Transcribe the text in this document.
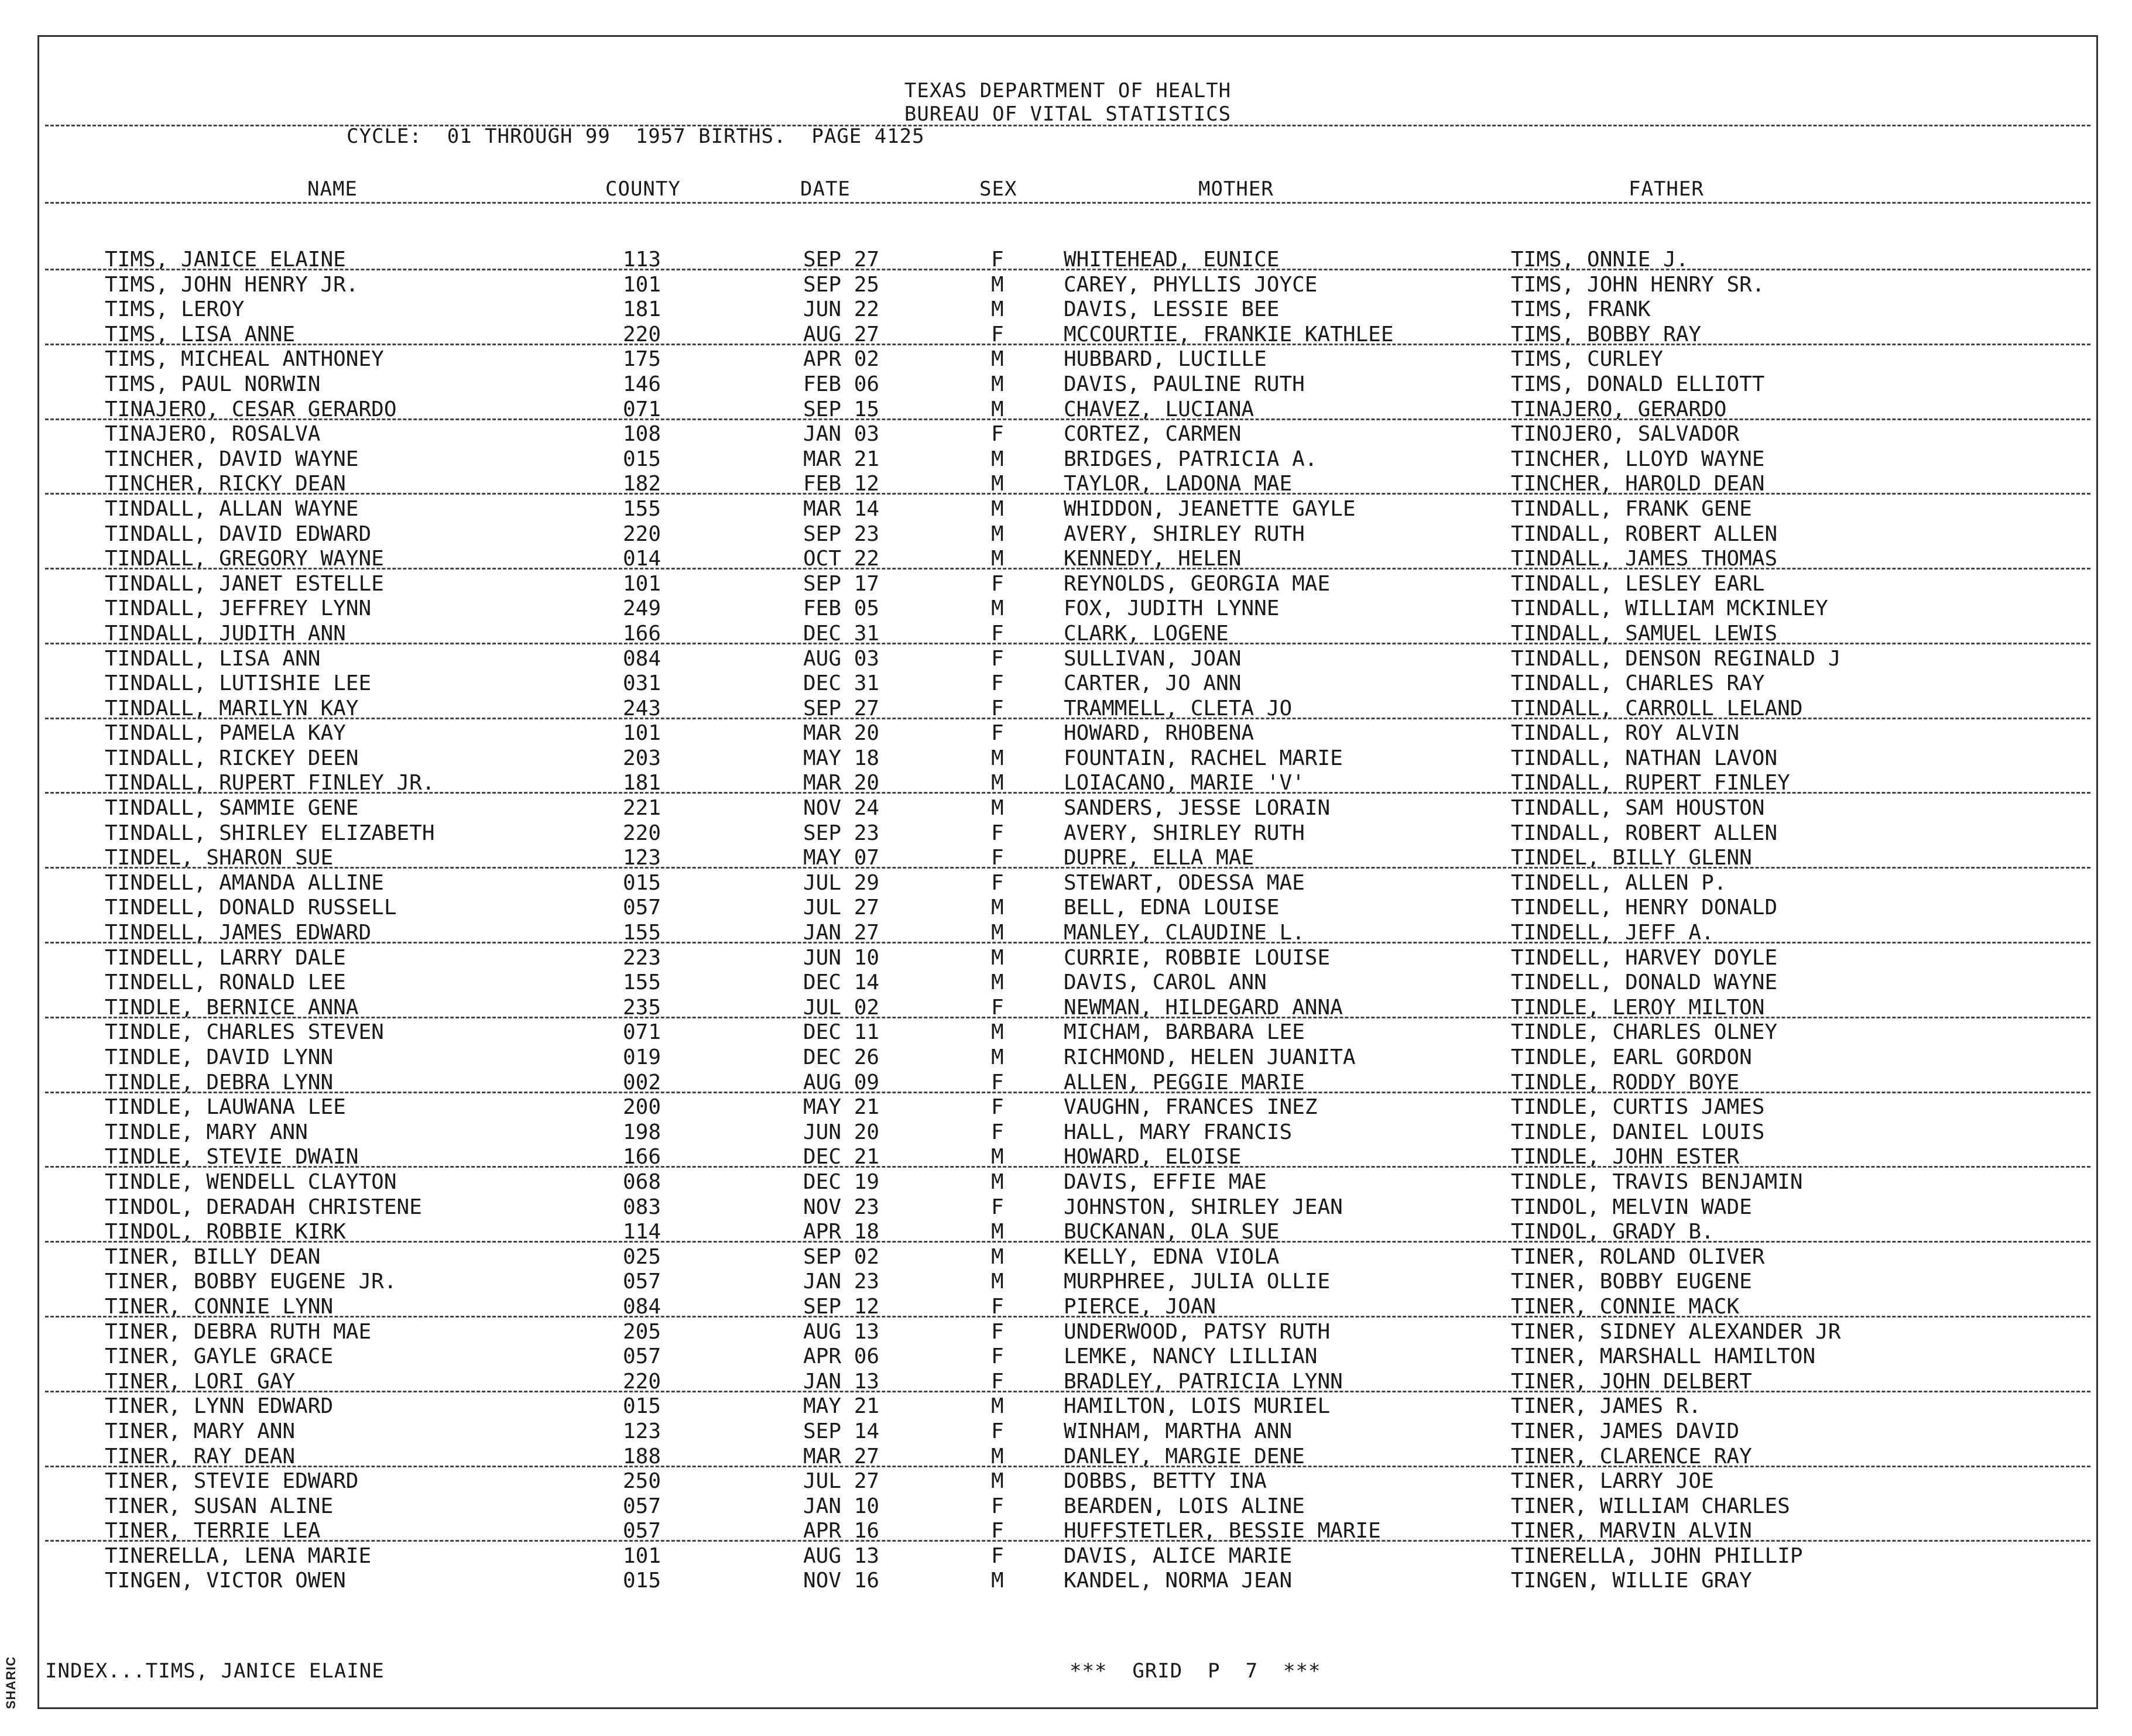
SHARIC
TEXAS DEPARTMENT OF HEALTH
BUREAU OF VITAL STATISTICS
CYCLE:  01 THROUGH 99  1957 BIRTHS.  PAGE 4125
NAME	COUNTY	DATE	SEX	MOTHER	FATHER
TIMS, JANICE ELAINE	113	SEP 27	F	WHITEHEAD, EUNICE	TIMS, ONNIE J.
TIMS, JOHN HENRY JR.	101	SEP 25	M	CAREY, PHYLLIS JOYCE	TIMS, JOHN HENRY SR.
TIMS, LEROY	181	JUN 22	M	DAVIS, LESSIE BEE	TIMS, FRANK
TIMS, LISA ANNE	220	AUG 27	F	MCCOURTIE, FRANKIE KATHLEE	TIMS, BOBBY RAY
TIMS, MICHEAL ANTHONEY	175	APR 02	M	HUBBARD, LUCILLE	TIMS, CURLEY
TIMS, PAUL NORWIN	146	FEB 06	M	DAVIS, PAULINE RUTH	TIMS, DONALD ELLIOTT
TINAJERO, CESAR GERARDO	071	SEP 15	M	CHAVEZ, LUCIANA	TINAJERO, GERARDO
TINAJERO, ROSALVA	108	JAN 03	F	CORTEZ, CARMEN	TINOJERO, SALVADOR
TINCHER, DAVID WAYNE	015	MAR 21	M	BRIDGES, PATRICIA A.	TINCHER, LLOYD WAYNE
TINCHER, RICKY DEAN	182	FEB 12	M	TAYLOR, LADONA MAE	TINCHER, HAROLD DEAN
TINDALL, ALLAN WAYNE	155	MAR 14	M	WHIDDON, JEANETTE GAYLE	TINDALL, FRANK GENE
TINDALL, DAVID EDWARD	220	SEP 23	M	AVERY, SHIRLEY RUTH	TINDALL, ROBERT ALLEN
TINDALL, GREGORY WAYNE	014	OCT 22	M	KENNEDY, HELEN	TINDALL, JAMES THOMAS
TINDALL, JANET ESTELLE	101	SEP 17	F	REYNOLDS, GEORGIA MAE	TINDALL, LESLEY EARL
TINDALL, JEFFREY LYNN	249	FEB 05	M	FOX, JUDITH LYNNE	TINDALL, WILLIAM MCKINLEY
TINDALL, JUDITH ANN	166	DEC 31	F	CLARK, LOGENE	TINDALL, SAMUEL LEWIS
TINDALL, LISA ANN	084	AUG 03	F	SULLIVAN, JOAN	TINDALL, DENSON REGINALD J
TINDALL, LUTISHIE LEE	031	DEC 31	F	CARTER, JO ANN	TINDALL, CHARLES RAY
TINDALL, MARILYN KAY	243	SEP 27	F	TRAMMELL, CLETA JO	TINDALL, CARROLL LELAND
TINDALL, PAMELA KAY	101	MAR 20	F	HOWARD, RHOBENA	TINDALL, ROY ALVIN
TINDALL, RICKEY DEEN	203	MAY 18	M	FOUNTAIN, RACHEL MARIE	TINDALL, NATHAN LAVON
TINDALL, RUPERT FINLEY JR.	181	MAR 20	M	LOIACANO, MARIE 'V'	TINDALL, RUPERT FINLEY
TINDALL, SAMMIE GENE	221	NOV 24	M	SANDERS, JESSE LORAIN	TINDALL, SAM HOUSTON
TINDALL, SHIRLEY ELIZABETH	220	SEP 23	F	AVERY, SHIRLEY RUTH	TINDALL, ROBERT ALLEN
TINDEL, SHARON SUE	123	MAY 07	F	DUPRE, ELLA MAE	TINDEL, BILLY GLENN
TINDELL, AMANDA ALLINE	015	JUL 29	F	STEWART, ODESSA MAE	TINDELL, ALLEN P.
TINDELL, DONALD RUSSELL	057	JUL 27	M	BELL, EDNA LOUISE	TINDELL, HENRY DONALD
TINDELL, JAMES EDWARD	155	JAN 27	M	MANLEY, CLAUDINE L.	TINDELL, JEFF A.
TINDELL, LARRY DALE	223	JUN 10	M	CURRIE, ROBBIE LOUISE	TINDELL, HARVEY DOYLE
TINDELL, RONALD LEE	155	DEC 14	M	DAVIS, CAROL ANN	TINDELL, DONALD WAYNE
TINDLE, BERNICE ANNA	235	JUL 02	F	NEWMAN, HILDEGARD ANNA	TINDLE, LEROY MILTON
TINDLE, CHARLES STEVEN	071	DEC 11	M	MICHAM, BARBARA LEE	TINDLE, CHARLES OLNEY
TINDLE, DAVID LYNN	019	DEC 26	M	RICHMOND, HELEN JUANITA	TINDLE, EARL GORDON
TINDLE, DEBRA LYNN	002	AUG 09	F	ALLEN, PEGGIE MARIE	TINDLE, RODDY BOYE
TINDLE, LAUWANA LEE	200	MAY 21	F	VAUGHN, FRANCES INEZ	TINDLE, CURTIS JAMES
TINDLE, MARY ANN	198	JUN 20	F	HALL, MARY FRANCIS	TINDLE, DANIEL LOUIS
TINDLE, STEVIE DWAIN	166	DEC 21	M	HOWARD, ELOISE	TINDLE, JOHN ESTER
TINDLE, WENDELL CLAYTON	068	DEC 19	M	DAVIS, EFFIE MAE	TINDLE, TRAVIS BENJAMIN
TINDOL, DERADAH CHRISTENE	083	NOV 23	F	JOHNSTON, SHIRLEY JEAN	TINDOL, MELVIN WADE
TINDOL, ROBBIE KIRK	114	APR 18	M	BUCKANAN, OLA SUE	TINDOL, GRADY B.
TINER, BILLY DEAN	025	SEP 02	M	KELLY, EDNA VIOLA	TINER, ROLAND OLIVER
TINER, BOBBY EUGENE JR.	057	JAN 23	M	MURPHREE, JULIA OLLIE	TINER, BOBBY EUGENE
TINER, CONNIE LYNN	084	SEP 12	F	PIERCE, JOAN	TINER, CONNIE MACK
TINER, DEBRA RUTH MAE	205	AUG 13	F	UNDERWOOD, PATSY RUTH	TINER, SIDNEY ALEXANDER JR
TINER, GAYLE GRACE	057	APR 06	F	LEMKE, NANCY LILLIAN	TINER, MARSHALL HAMILTON
TINER, LORI GAY	220	JAN 13	F	BRADLEY, PATRICIA LYNN	TINER, JOHN DELBERT
TINER, LYNN EDWARD	015	MAY 21	M	HAMILTON, LOIS MURIEL	TINER, JAMES R.
TINER, MARY ANN	123	SEP 14	F	WINHAM, MARTHA ANN	TINER, JAMES DAVID
TINER, RAY DEAN	188	MAR 27	M	DANLEY, MARGIE DENE	TINER, CLARENCE RAY
TINER, STEVIE EDWARD	250	JUL 27	M	DOBBS, BETTY INA	TINER, LARRY JOE
TINER, SUSAN ALINE	057	JAN 10	F	BEARDEN, LOIS ALINE	TINER, WILLIAM CHARLES
TINER, TERRIE LEA	057	APR 16	F	HUFFSTETLER, BESSIE MARIE	TINER, MARVIN ALVIN
TINERELLA, LENA MARIE	101	AUG 13	F	DAVIS, ALICE MARIE	TINERELLA, JOHN PHILLIP
TINGEN, VICTOR OWEN	015	NOV 16	M	KANDEL, NORMA JEAN	TINGEN, WILLIE GRAY
INDEX...TIMS, JANICE ELAINE	***  GRID  P  7  ***
